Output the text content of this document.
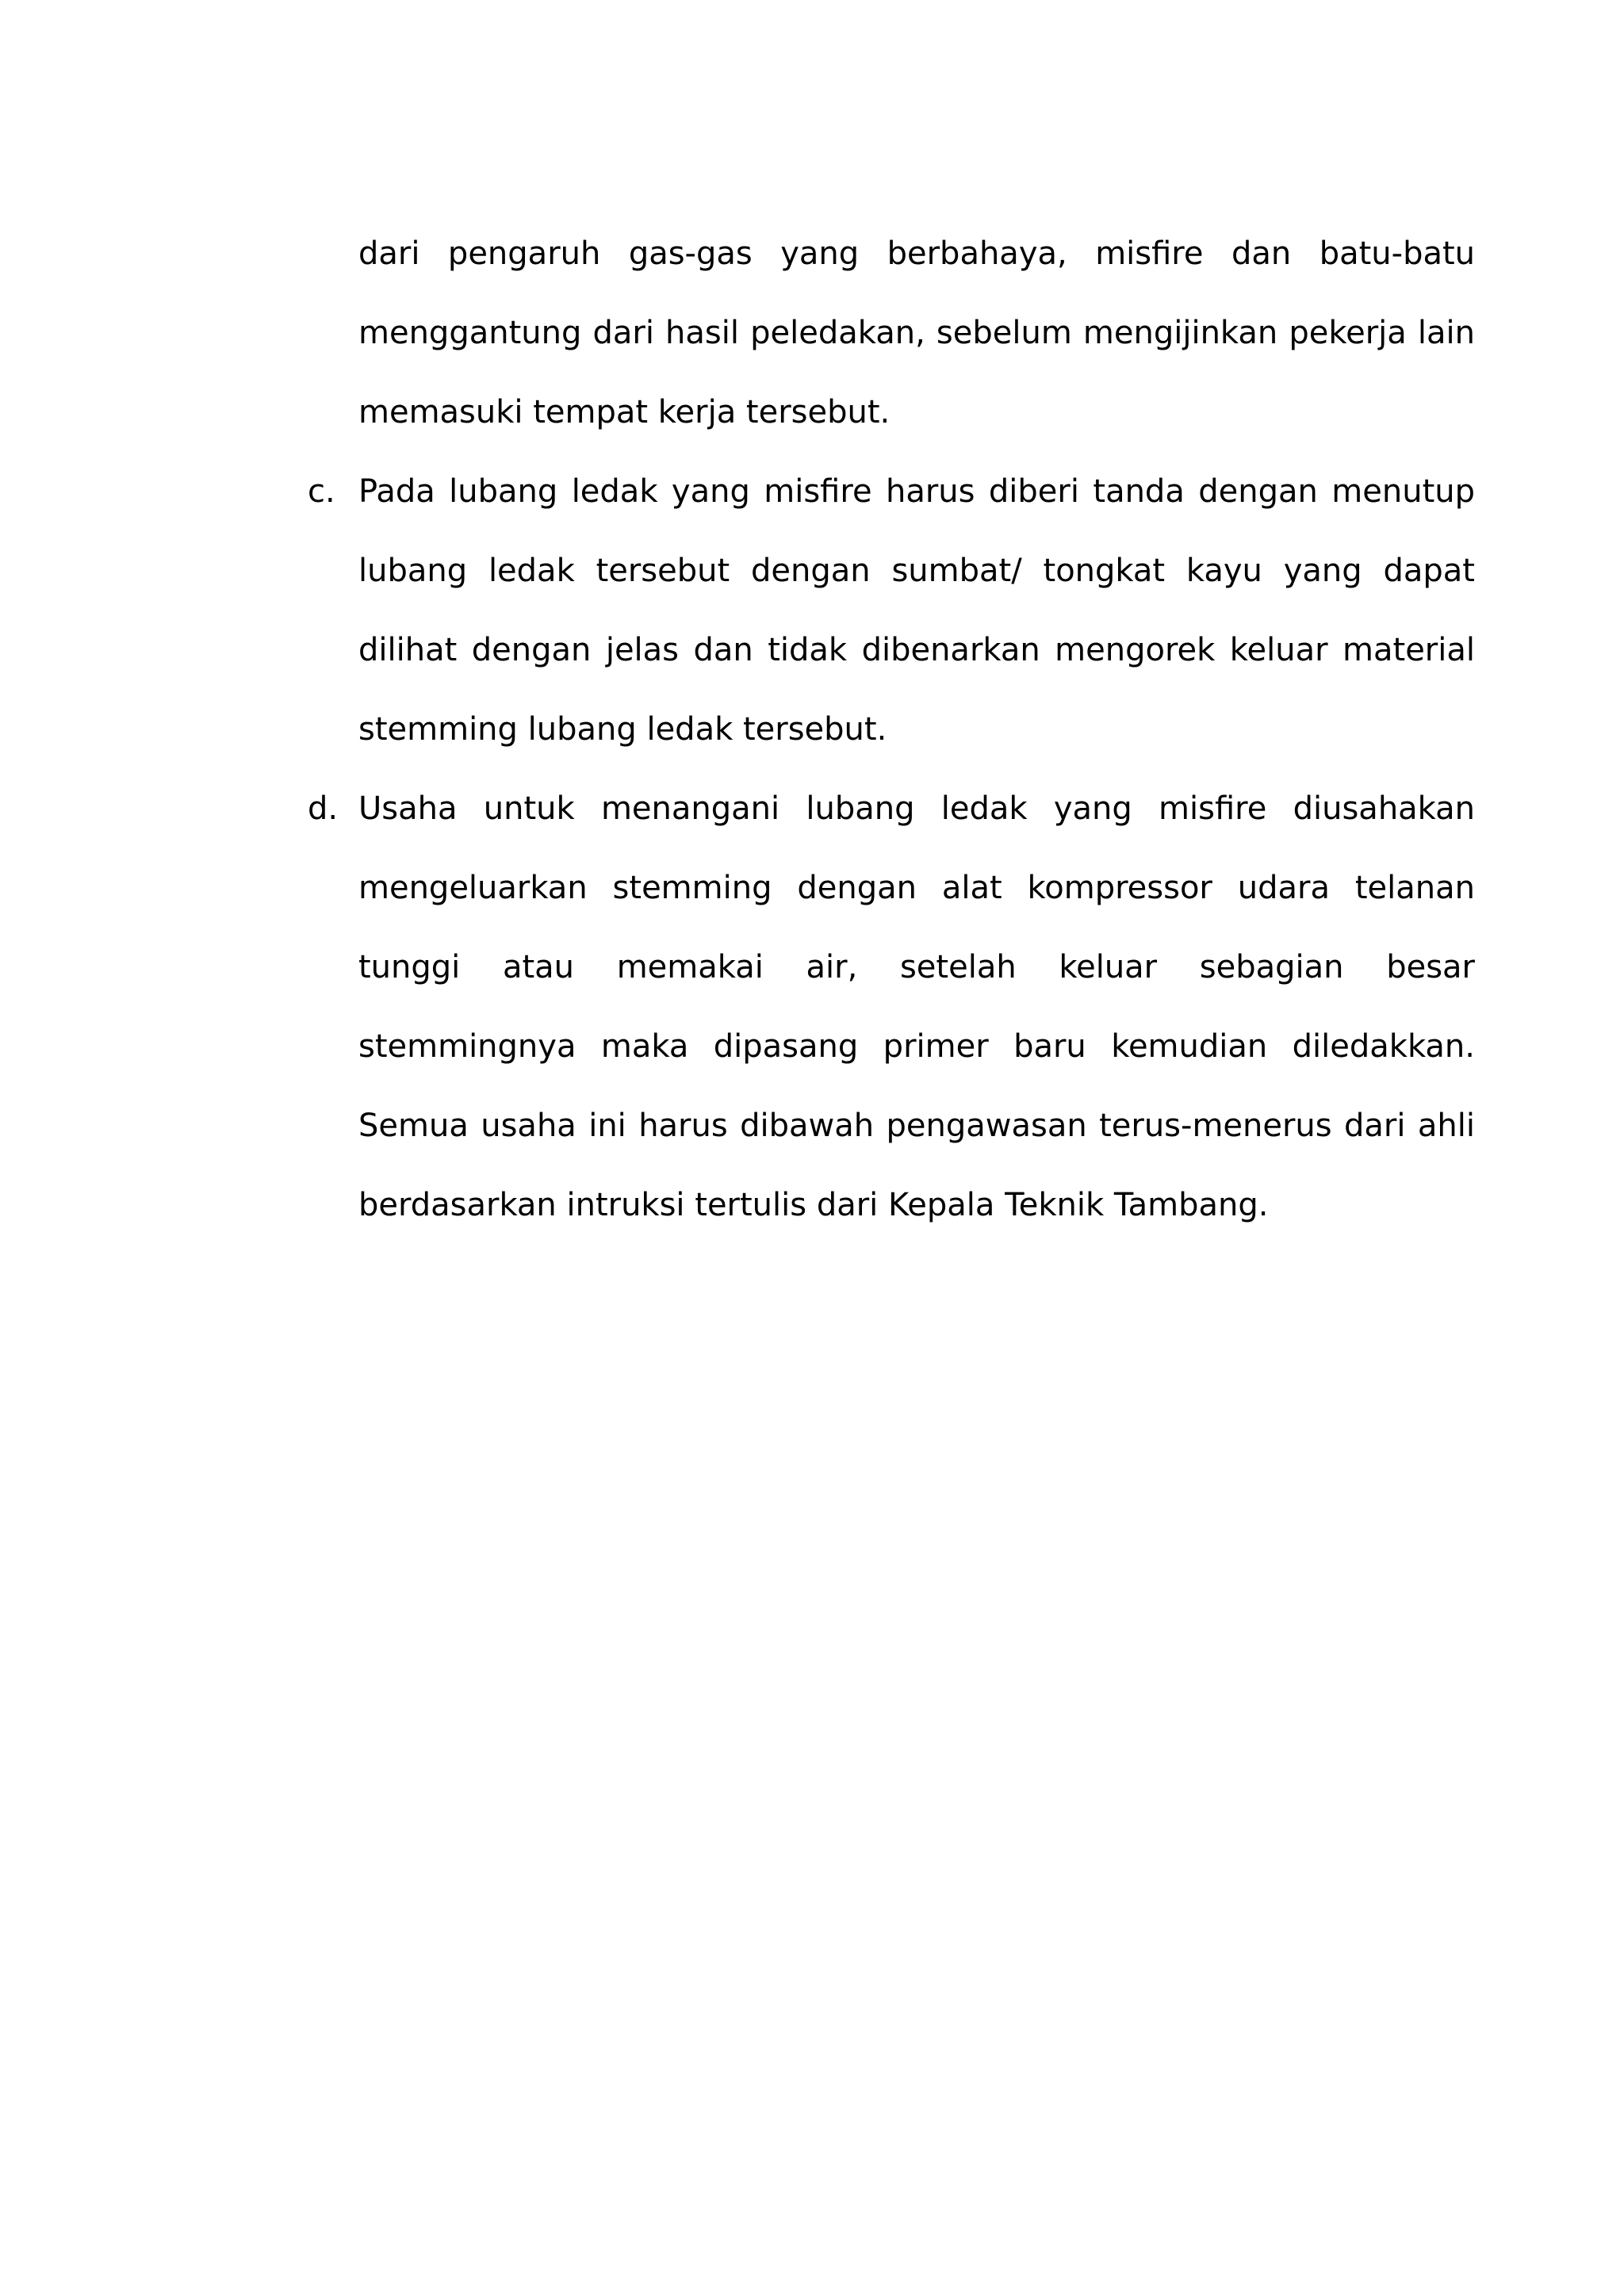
dari pengaruh gas-gas yang berbahaya, misfire dan batu-batu menggantung dari hasil peledakan, sebelum mengijinkan pekerja lain memasuki tempat kerja tersebut.
c. Pada lubang ledak yang misfire harus diberi tanda dengan menutup lubang ledak tersebut dengan sumbat/ tongkat kayu yang dapat dilihat dengan jelas dan tidak dibenarkan mengorek keluar material stemming lubang ledak tersebut.
d. Usaha untuk menangani lubang ledak yang misfire diusahakan mengeluarkan stemming dengan alat kompressor udara telanan tunggi atau memakai air, setelah keluar sebagian besar stemmingnya maka dipasang primer baru kemudian diledakkan. Semua usaha ini harus dibawah pengawasan terus-menerus dari ahli berdasarkan intruksi tertulis dari Kepala Teknik Tambang.
